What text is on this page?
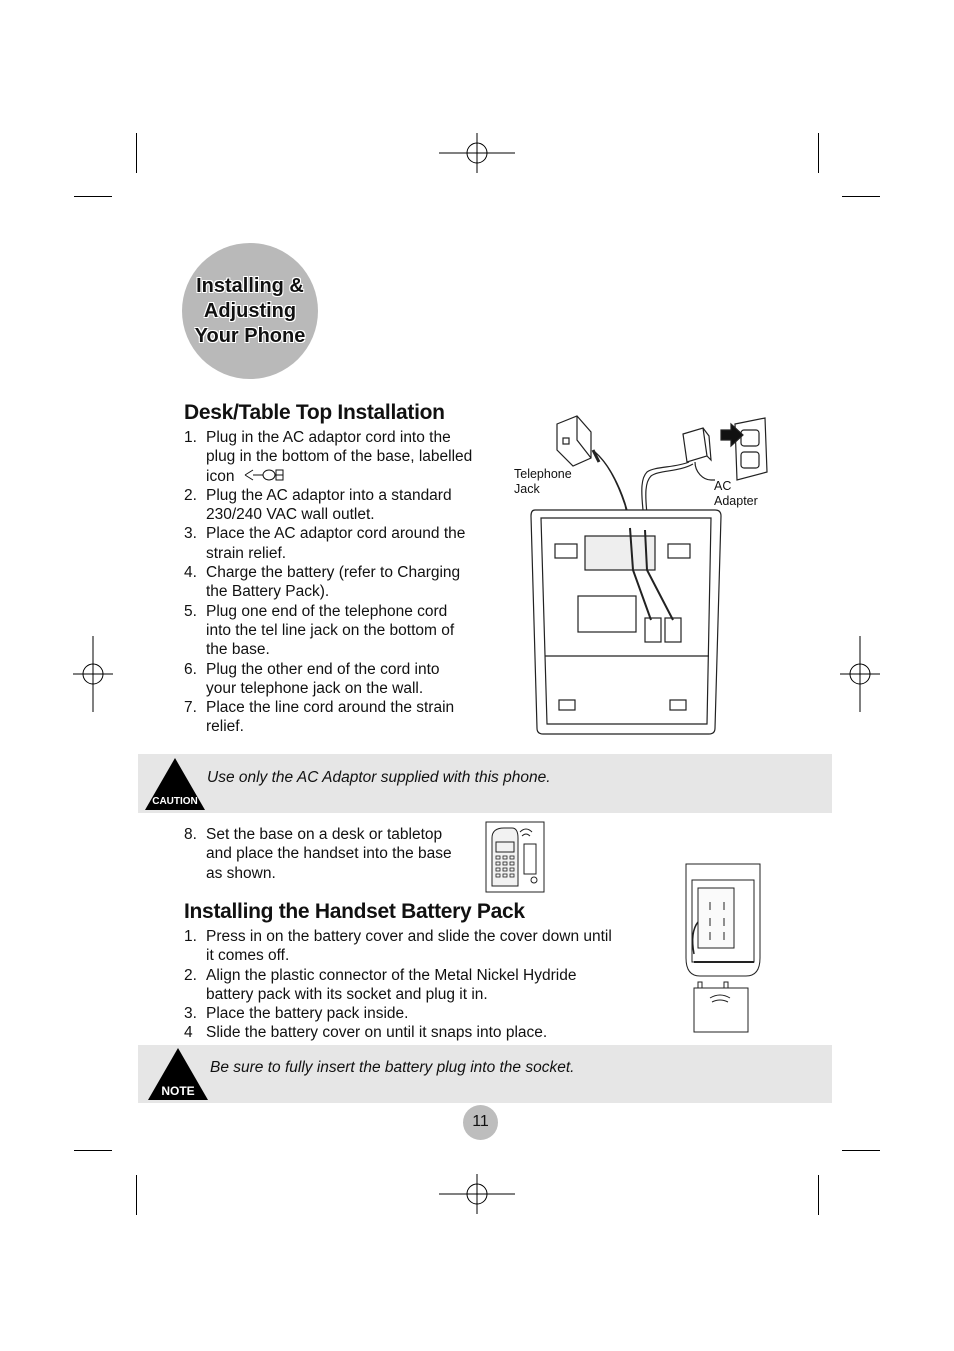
Installing &
Adjusting
Your Phone
Desk/Table Top Installation
1. Plug in the AC adaptor cord into the
plug in the bottom of the base, labelled
icon
2. Plug the AC adaptor into a standard
230/240 VAC wall outlet.
3. Place the AC adaptor cord around the
strain relief.
4. Charge the battery (refer to Charging
the Battery Pack).
5. Plug one end of the telephone cord
into the tel line jack on the bottom of
the base.
6. Plug the other end of the cord into
your telephone jack on the wall.
7. Place the line cord around the strain
relief.
Telephone
Jack	AC
Adapter
CAUTION
Use only the AC Adaptor supplied with this phone.
8. Set the base on a desk or tabletop
and place the handset into the base
as shown.
Installing the Handset Battery Pack
1. Press in on the battery cover and slide the cover down until
it comes off.
2. Align the plastic connector of the Metal Nickel Hydride
battery pack with its socket and plug it in.
3. Place the battery pack inside.
4 Slide the battery cover on until it snaps into place.
NOTE
Be sure to fully insert the battery plug into the socket.
11
